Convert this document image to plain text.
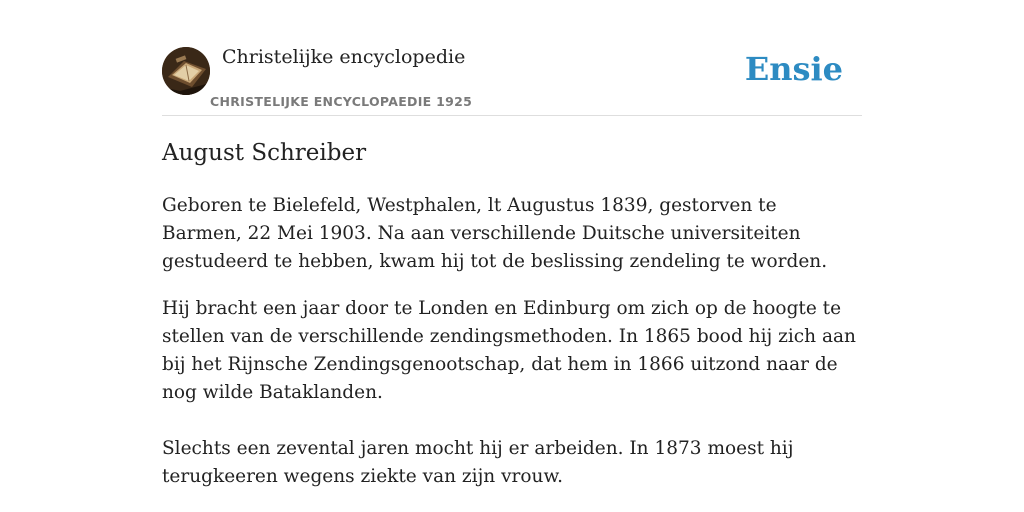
Christelijke encyclopedie
CHRISTELIJKE ENCYCLOPAEDIE 1925
Ensie
August Schreiber

Geboren te Bielefeld, Westphalen, lt Augustus 1839, gestorven te Barmen, 22 Mei 1903. Na aan verschillende Duitsche universiteiten gestudeerd te hebben, kwam hij tot de beslissing zendeling te worden.

Hij bracht een jaar door te Londen en Edinburg om zich op de hoogte te stellen van de verschillende zendingsmethoden. In 1865 bood hij zich aan bij het Rijnsche Zendingsgenootschap, dat hem in 1866 uitzond naar de nog wilde Bataklanden.

Slechts een zevental jaren mocht hij er arbeiden. In 1873 moest hij terugkeeren wegens ziekte van zijn vrouw.
